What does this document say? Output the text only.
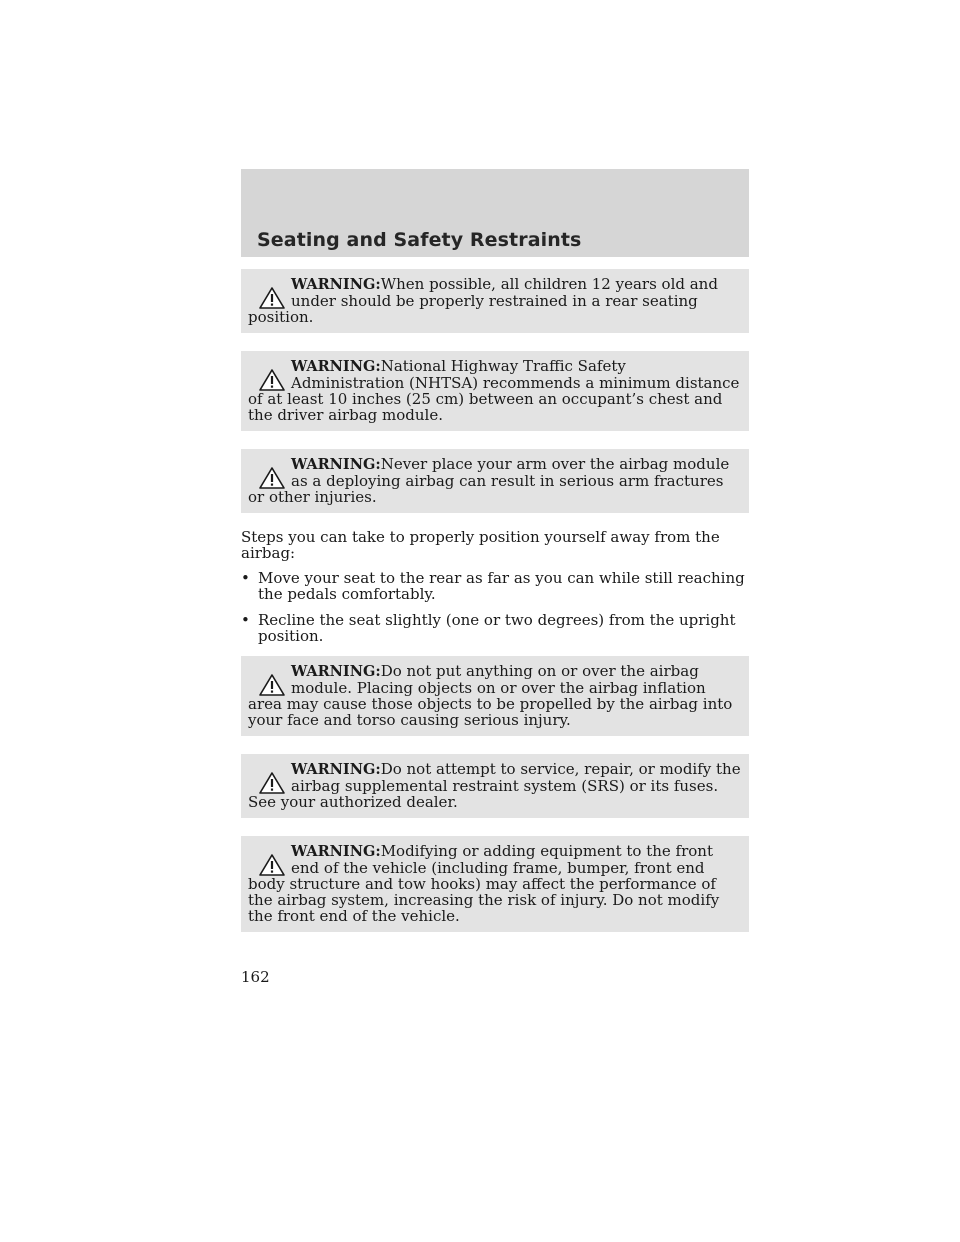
Seating and Safety Restraints

WARNING:When possible, all children 12 years old and under should be properly restrained in a rear seating position.

WARNING:National Highway Traffic Safety Administration (NHTSA) recommends a minimum distance of at least 10 inches (25 cm) between an occupant’s chest and the driver airbag module.

WARNING:Never place your arm over the airbag module as a deploying airbag can result in serious arm fractures or other injuries.

Steps you can take to properly position yourself away from the airbag:

• Move your seat to the rear as far as you can while still reaching the pedals comfortably.
• Recline the seat slightly (one or two degrees) from the upright position.

WARNING:Do not put anything on or over the airbag module. Placing objects on or over the airbag inflation area may cause those objects to be propelled by the airbag into your face and torso causing serious injury.

WARNING:Do not attempt to service, repair, or modify the airbag supplemental restraint system (SRS) or its fuses. See your authorized dealer.

WARNING:Modifying or adding equipment to the front end of the vehicle (including frame, bumper, front end body structure and tow hooks) may affect the performance of the airbag system, increasing the risk of injury. Do not modify the front end of the vehicle.

162
